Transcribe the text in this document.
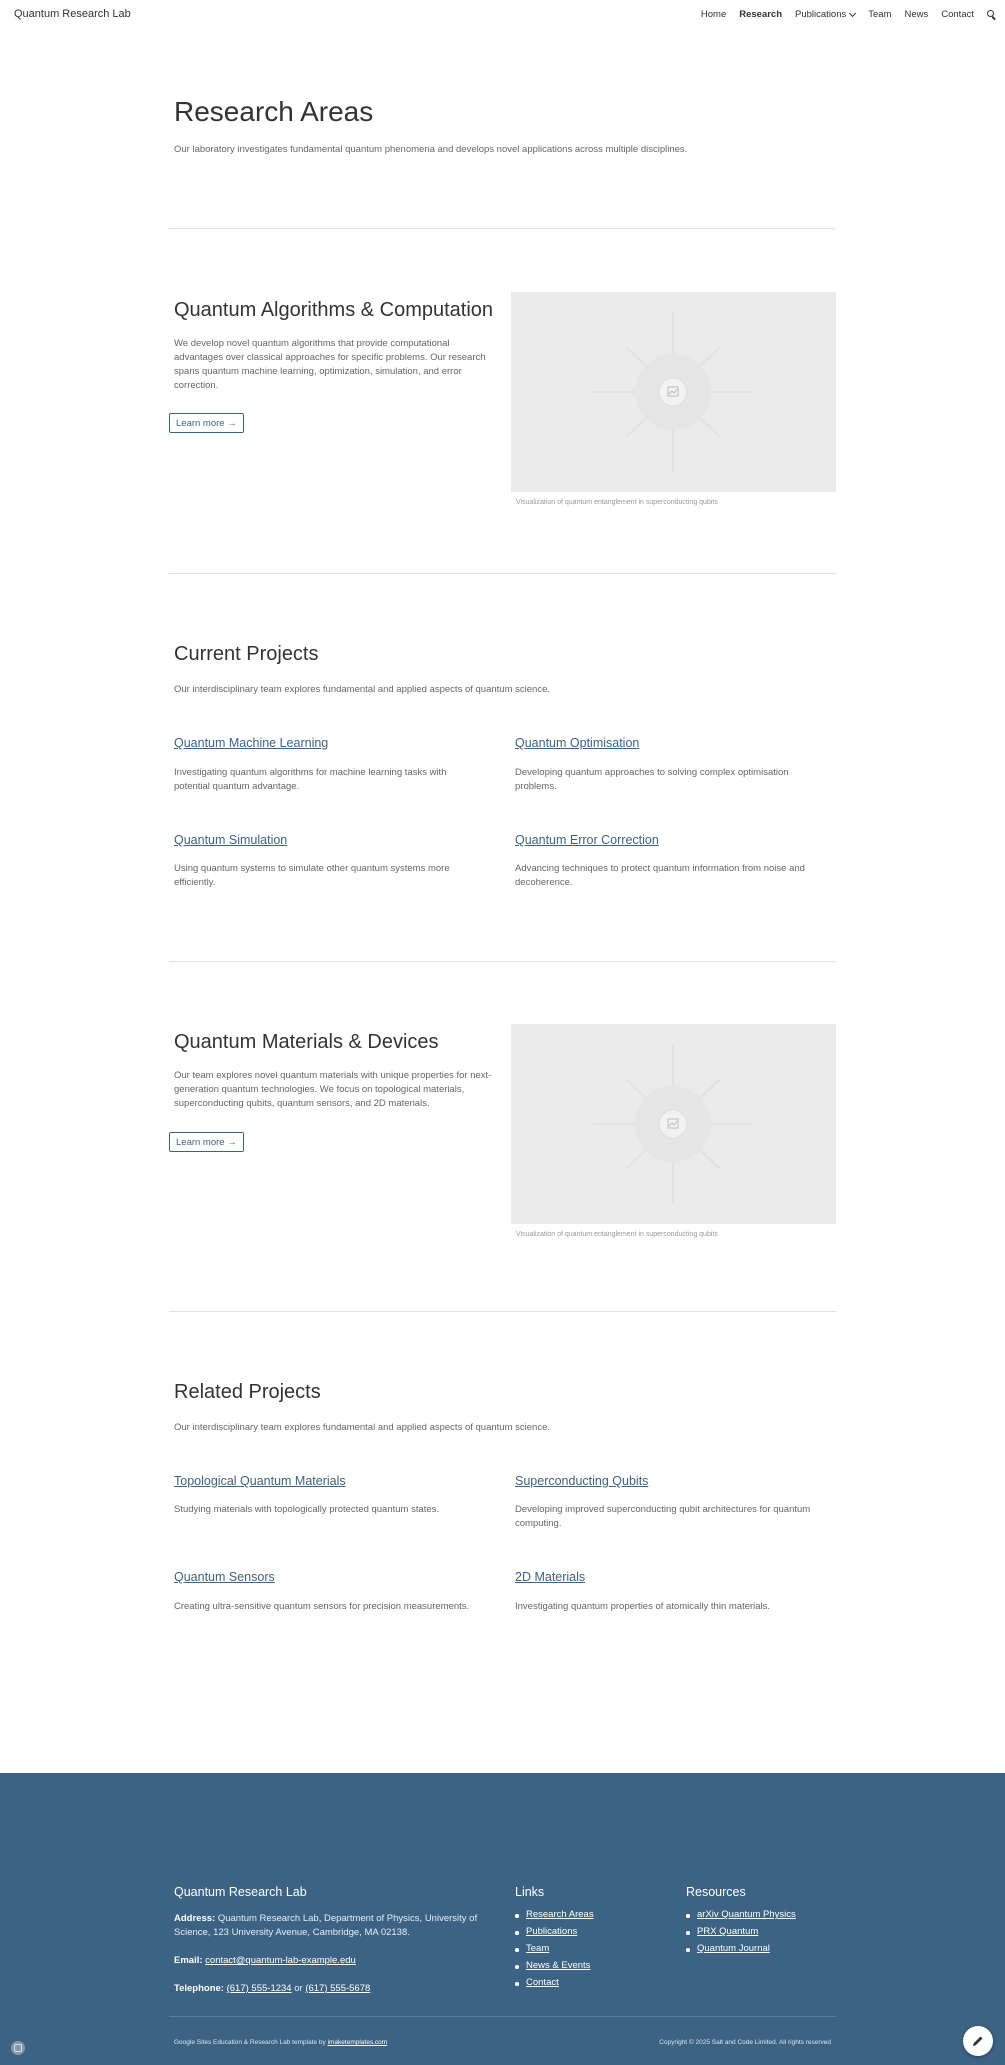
Quantum Research Lab	Home Research Publications Team News Contact
Research Areas

Our laboratory investigates fundamental quantum phenomena and develops novel applications across multiple disciplines.

Quantum Algorithms & Computation

We develop novel quantum algorithms that provide computational advantages over classical approaches for specific problems. Our research spans quantum machine learning, optimization, simulation, and error correction.

Learn more →
Visualization of quantum entanglement in superconducting qubits
Current Projects

Our interdisciplinary team explores fundamental and applied aspects of quantum science.

Quantum Machine Learning
Investigating quantum algorithms for machine learning tasks with potential quantum advantage.
Quantum Optimisation
Developing quantum approaches to solving complex optimisation problems.
Quantum Simulation
Using quantum systems to simulate other quantum systems more efficiently.
Quantum Error Correction
Advancing techniques to protect quantum information from noise and decoherence.
Quantum Materials & Devices

Our team explores novel quantum materials with unique properties for next-generation quantum technologies. We focus on topological materials, superconducting qubits, quantum sensors, and 2D materials.

Learn more →
Visualization of quantum entanglement in superconducting qubits
Related Projects

Our interdisciplinary team explores fundamental and applied aspects of quantum science.

Topological Quantum Materials
Studying materials with topologically protected quantum states.
Superconducting Qubits
Developing improved superconducting qubit architectures for quantum computing.
Quantum Sensors
Creating ultra-sensitive quantum sensors for precision measurements.
2D Materials
Investigating quantum properties of atomically thin materials.
Quantum Research Lab
Address: Quantum Research Lab, Department of Physics, University of Science, 123 University Avenue, Cambridge, MA 02138.
Email: contact@quantum-lab-example.edu
Telephone: (617) 555-1234 or (617) 555-5678
Links
Research Areas
Publications
Team
News & Events
Contact
Resources
arXiv Quantum Physics
PRX Quantum
Quantum Journal
Google Sites Education & Research Lab template by imaketemplates.com	Copyright © 2025 Salt and Code Limited. All rights reserved
